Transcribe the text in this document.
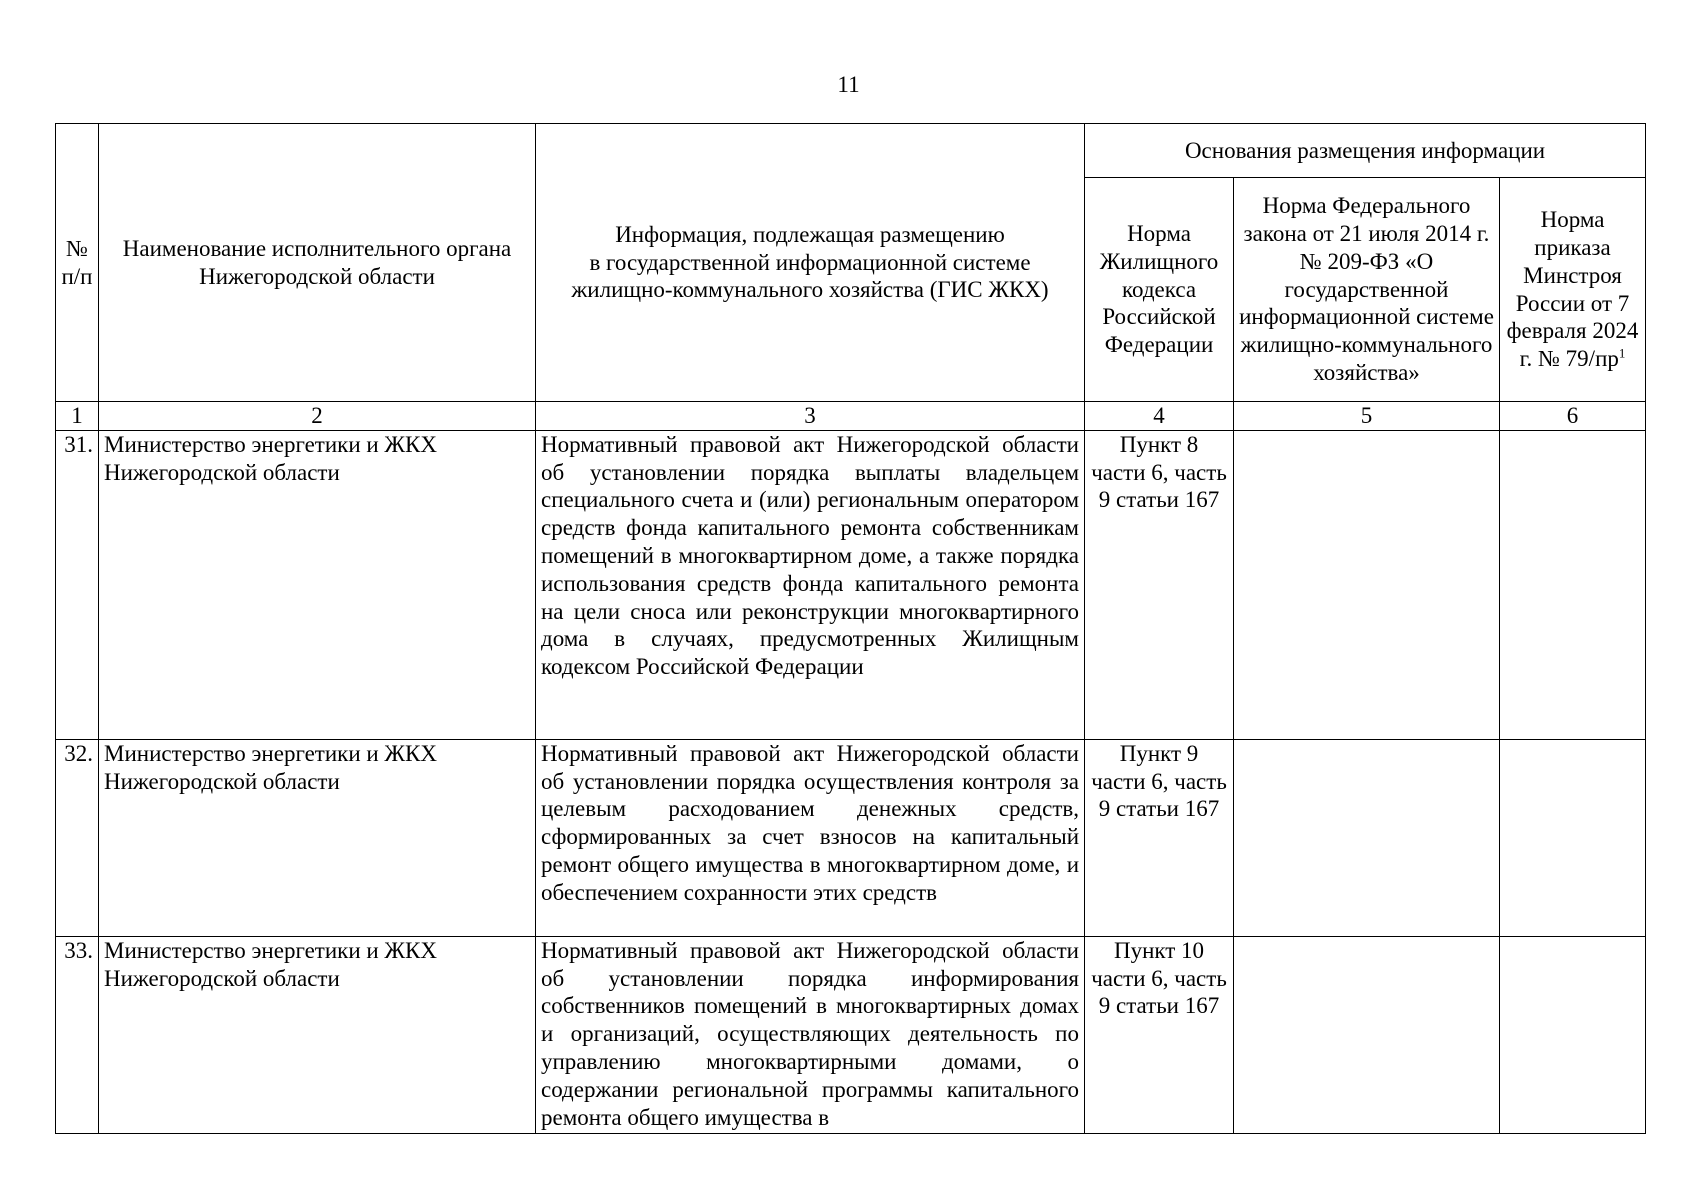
11
№ п/п	Наименование исполнительного органа Нижегородской области	Информация, подлежащая размещению
в государственной информационной системе
жилищно-коммунального хозяйства (ГИС ЖКХ)	Основания размещения информации		
			Норма Жилищного кодекса Российской Федерации	Норма Федерального закона от 21 июля 2014 г. № 209-ФЗ «О государственной информационной системе жилищно-коммунального хозяйства»	Норма приказа Минстроя России от 7 февраля 2024 г. № $79/пр^1$
1	2	3	4	5	6
31.	Министерство энергетики и ЖКХ Нижегородской области	Нормативный правовой акт Нижегородской области об установлении порядка выплаты владельцем специального счета и (или) региональным оператором средств фонда капитального ремонта собственникам помещений в многоквартирном доме, а также порядка использования средств фонда капитального ремонта на цели сноса или реконструкции многоквартирного дома в случаях, предусмотренных Жилищным кодексом Российской Федерации	Пункт 8 части 6, часть 9 статьи 167		
32.	Министерство энергетики и ЖКХ Нижегородской области	Нормативный правовой акт Нижегородской области об установлении порядка осуществления контроля за целевым расходованием денежных средств, сформированных за счет взносов на капитальный ремонт общего имущества в многоквартирном доме, и обеспечением сохранности этих средств	Пункт 9 части 6, часть 9 статьи 167		
33.	Министерство энергетики и ЖКХ Нижегородской области	Нормативный правовой акт Нижегородской области об установлении порядка информирования собственников помещений в многоквартирных домах и организаций, осуществляющих деятельность по управлению многоквартирными домами, о содержании региональной программы капитального ремонта общего имущества в	Пункт 10 части 6, часть 9 статьи 167		
